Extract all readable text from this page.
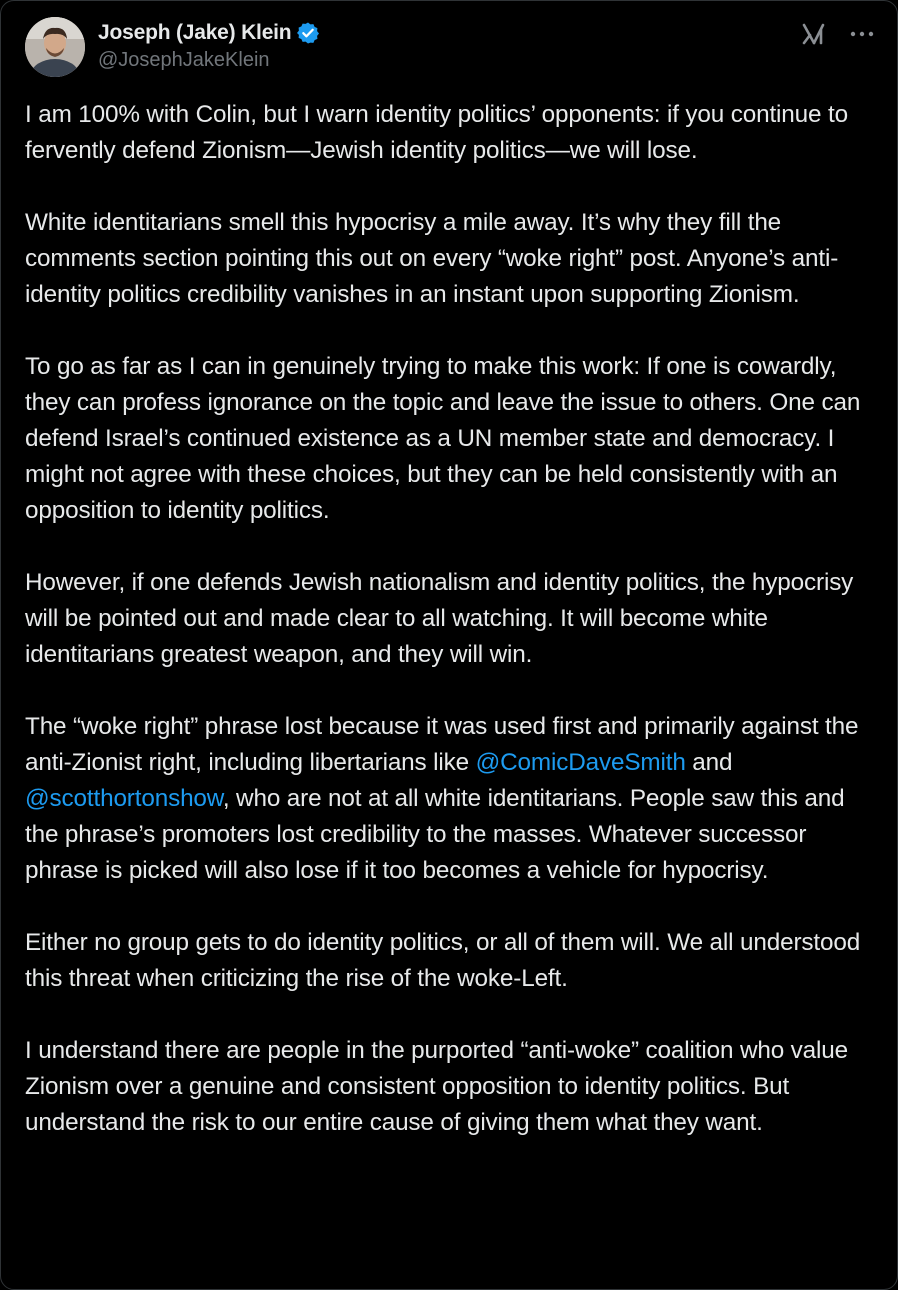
Joseph (Jake) Klein
@JosephJakeKlein

I am 100% with Colin, but I warn identity politics’ opponents: if you continue to fervently defend Zionism—Jewish identity politics—we will lose.

White identitarians smell this hypocrisy a mile away. It’s why they fill the comments section pointing this out on every “woke right” post. Anyone’s anti-identity politics credibility vanishes in an instant upon supporting Zionism.

To go as far as I can in genuinely trying to make this work: If one is cowardly, they can profess ignorance on the topic and leave the issue to others. One can defend Israel’s continued existence as a UN member state and democracy. I might not agree with these choices, but they can be held consistently with an opposition to identity politics.

However, if one defends Jewish nationalism and identity politics, the hypocrisy will be pointed out and made clear to all watching. It will become white identitarians greatest weapon, and they will win.

The “woke right” phrase lost because it was used first and primarily against the anti-Zionist right, including libertarians like @ComicDaveSmith and @scotthortonshow, who are not at all white identitarians. People saw this and the phrase’s promoters lost credibility to the masses. Whatever successor phrase is picked will also lose if it too becomes a vehicle for hypocrisy.

Either no group gets to do identity politics, or all of them will. We all understood this threat when criticizing the rise of the woke-Left.

I understand there are people in the purported “anti-woke” coalition who value Zionism over a genuine and consistent opposition to identity politics. But understand the risk to our entire cause of giving them what they want.
